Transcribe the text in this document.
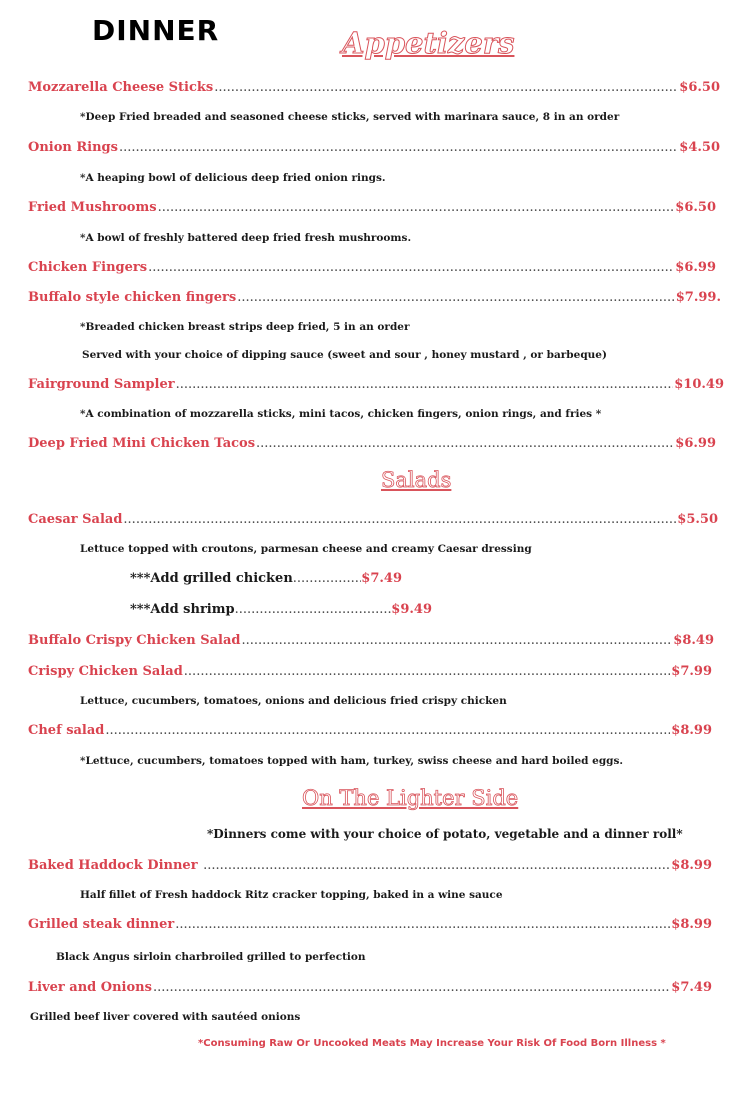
DINNER	Appetizers
Mozzarella Cheese Sticks .....	$6.50
*Deep Fried breaded and seasoned cheese sticks, served with marinara sauce, 8 in an order
Onion Rings .....	$4.50
*A heaping bowl of delicious deep fried onion rings.
Fried Mushrooms .....	$6.50
*A bowl of freshly battered deep fried fresh mushrooms.
Chicken Fingers .....	$6.99
Buffalo style chicken fingers .....	$7.99.
*Breaded chicken breast strips deep fried, 5 in an order
Served with your choice of dipping sauce (sweet and sour , honey mustard , or barbeque)
Fairground Sampler .....	$10.49
*A combination of mozzarella sticks, mini tacos, chicken fingers, onion rings, and fries *
Deep Fried Mini Chicken Tacos .....	$6.99
Salads
Caesar Salad .....	$5.50
Lettuce topped with croutons, parmesan cheese and creamy Caesar dressing
***Add grilled chicken .....	$7.49
***Add shrimp .....	$9.49
Buffalo Crispy Chicken Salad .....	$8.49
Crispy Chicken Salad .....	$7.99
Lettuce, cucumbers, tomatoes, onions and delicious fried crispy chicken
Chef salad .....	$8.99
*Lettuce, cucumbers, tomatoes topped with ham, turkey, swiss cheese and hard boiled eggs.
On The Lighter Side
*Dinners come with your choice of potato, vegetable and a dinner roll*
Baked Haddock Dinner .....	$8.99
Half fillet of Fresh haddock Ritz cracker topping, baked in a wine sauce
Grilled steak dinner .....	$8.99
Black Angus sirloin charbroiled grilled to perfection
Liver and Onions .....	$7.49
Grilled beef liver covered with sautéed onions
*Consuming Raw Or Uncooked Meats May Increase Your Risk Of Food Born Illness *
